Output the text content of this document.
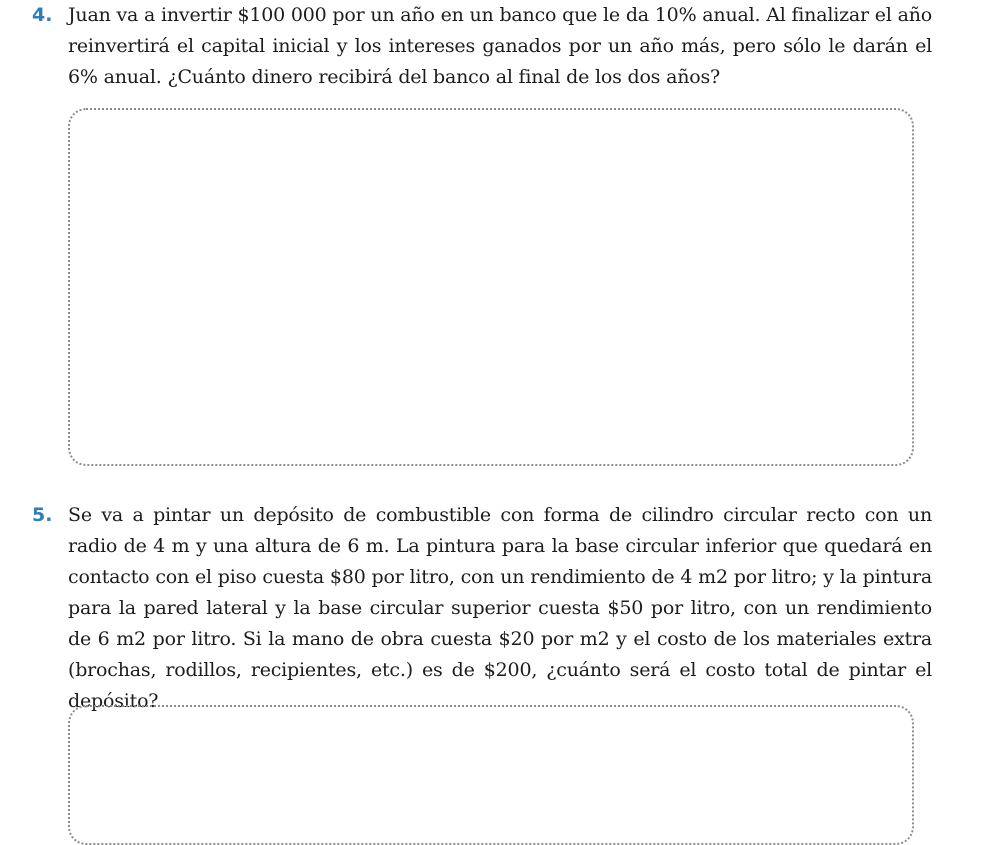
4. Juan va a invertir $100 000 por un año en un banco que le da 10% anual. Al finalizar el año reinvertirá el capital inicial y los intereses ganados por un año más, pero sólo le darán el 6% anual. ¿Cuánto dinero recibirá del banco al final de los dos años?
5. Se va a pintar un depósito de combustible con forma de cilindro circular recto con un radio de 4 m y una altura de 6 m. La pintura para la base circular inferior que quedará en contacto con el piso cuesta $80 por litro, con un rendimiento de 4 m2 por litro; y la pintura para la pared lateral y la base circular superior cuesta $50 por litro, con un rendimiento de 6 m2 por litro. Si la mano de obra cuesta $20 por m2 y el costo de los materiales extra (brochas, rodillos, recipientes, etc.) es de $200, ¿cuánto será el costo total de pintar el depósito?
